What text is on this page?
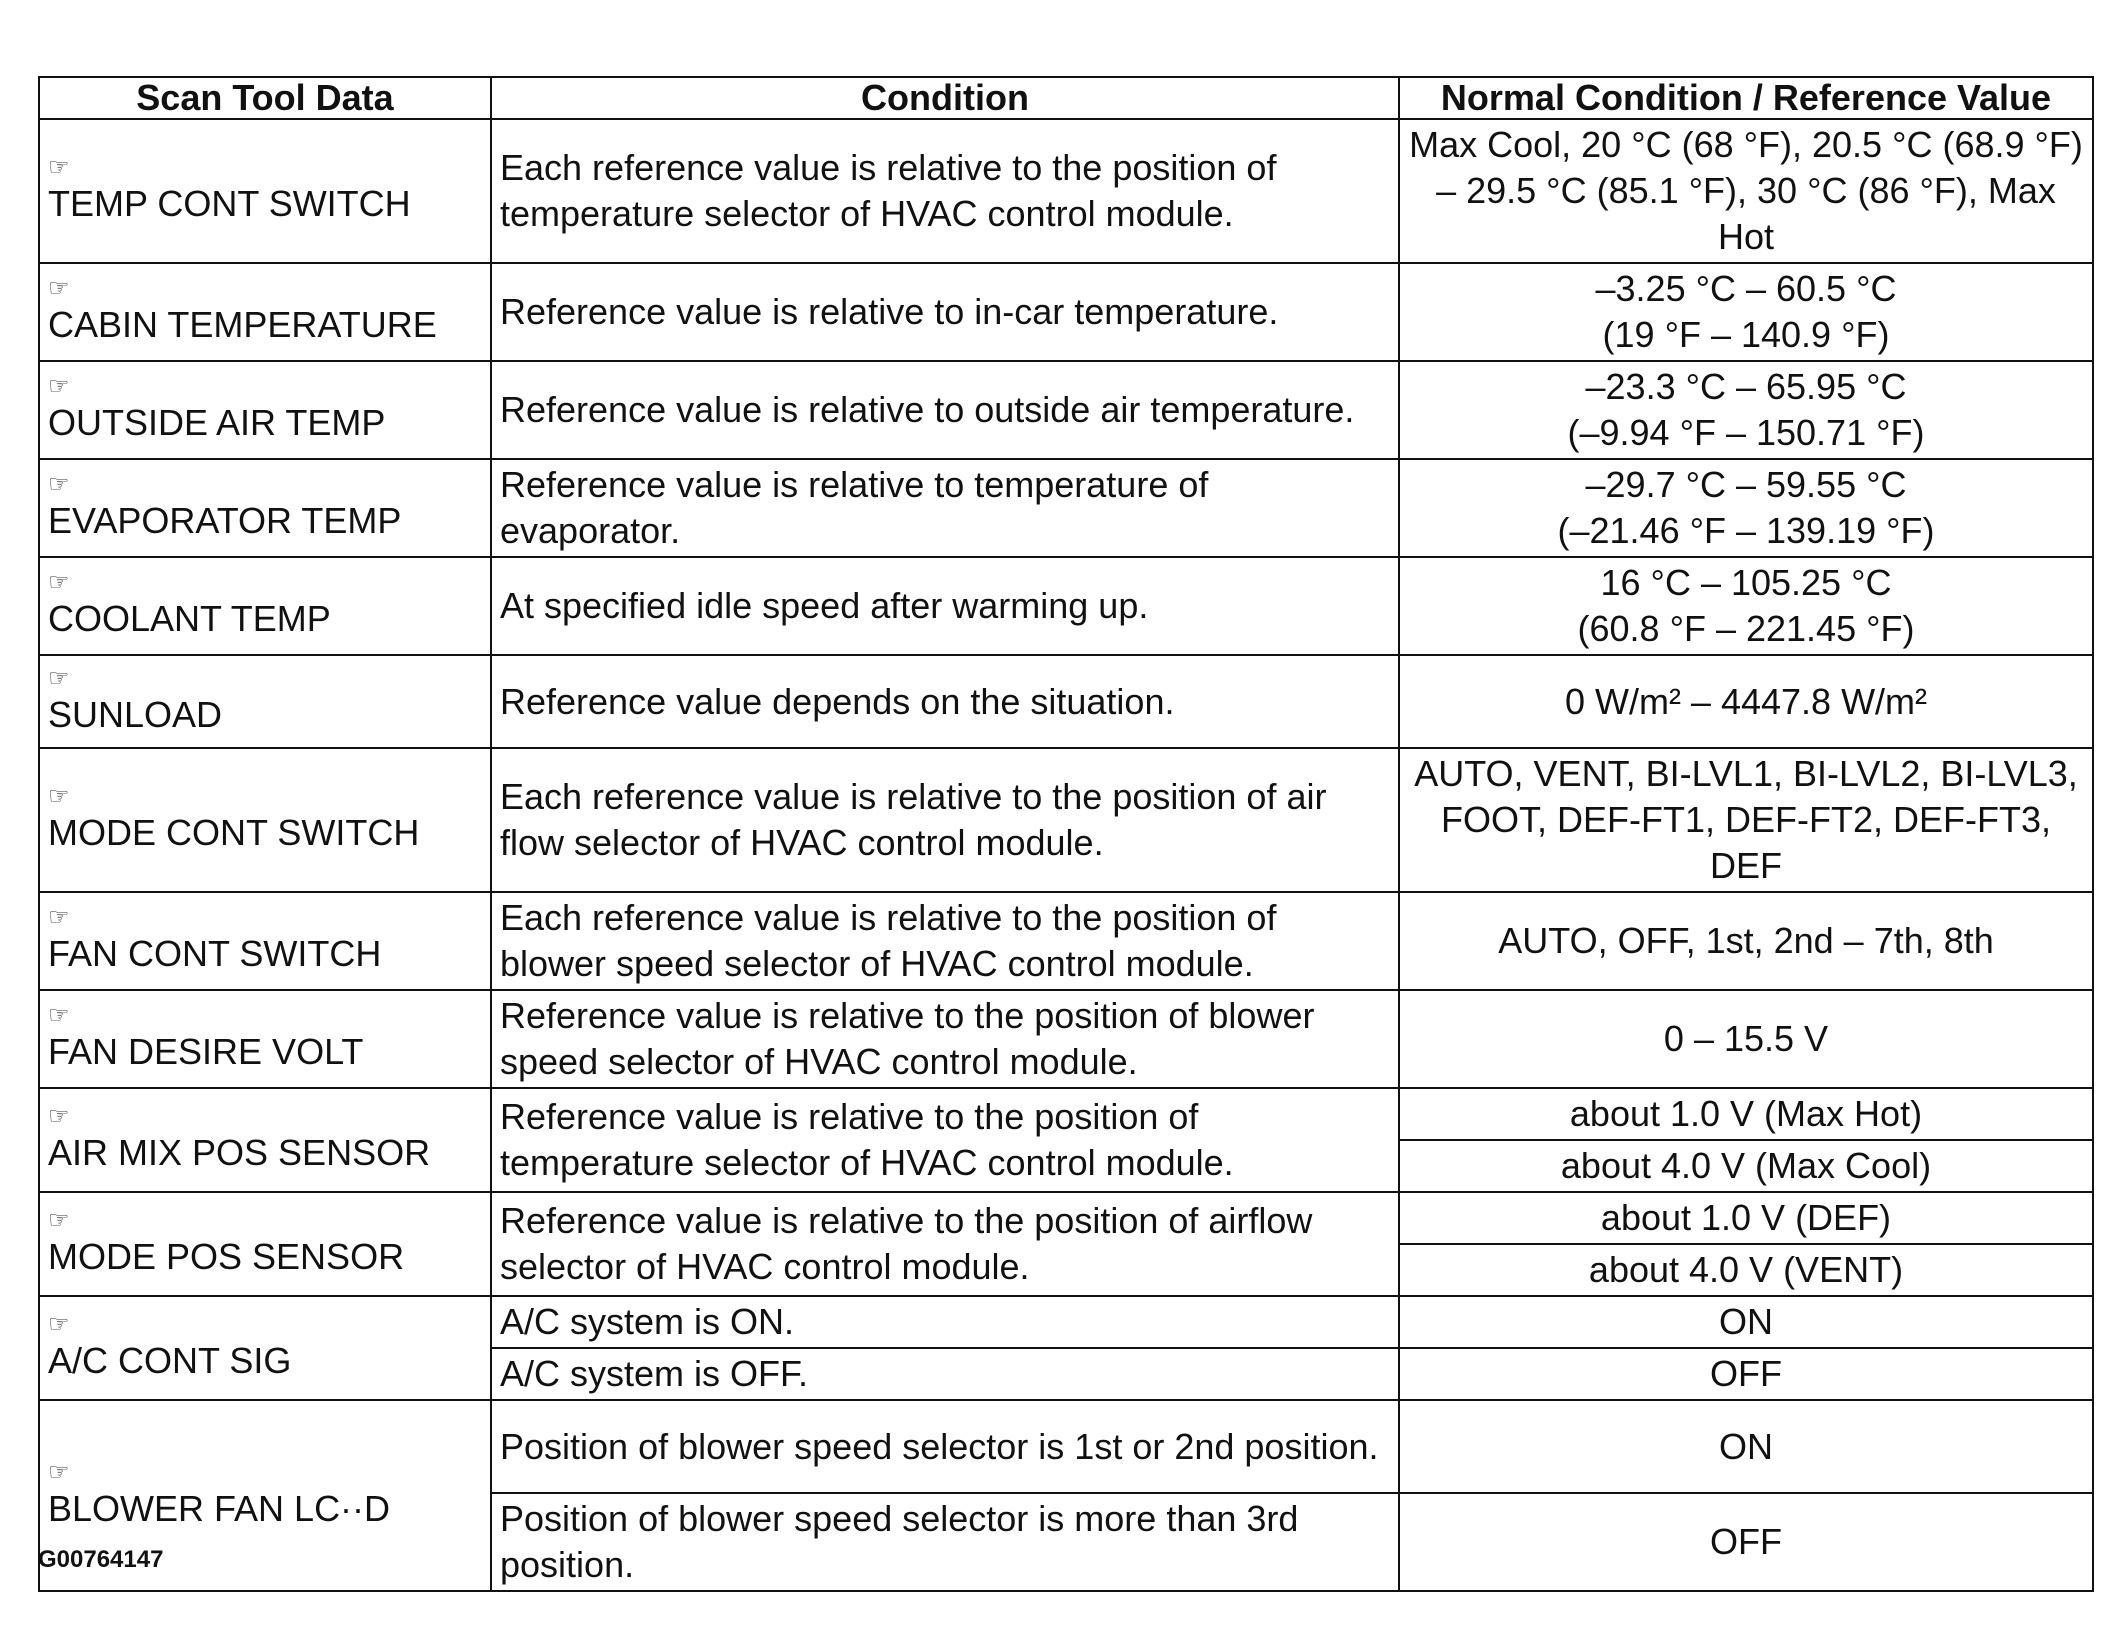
Scan Tool Data	Condition	Normal Condition / Reference Value

☞
TEMP CONT SWITCH	Each reference value is relative to the position of temperature selector of HVAC control module.	Max Cool, 20 °C (68 °F), 20.5 °C (68.9 °F) – 29.5 °C (85.1 °F), 30 °C (86 °F), Max Hot

☞
CABIN TEMPERATURE	Reference value is relative to in-car temperature.	–3.25 °C – 60.5 °C
(19 °F – 140.9 °F)

☞
OUTSIDE AIR TEMP	Reference value is relative to outside air temperature.	–23.3 °C – 65.95 °C
(–9.94 °F – 150.71 °F)

☞
EVAPORATOR TEMP	Reference value is relative to temperature of evaporator.	–29.7 °C – 59.55 °C
(–21.46 °F – 139.19 °F)

☞
COOLANT TEMP	At specified idle speed after warming up.	16 °C – 105.25 °C
(60.8 °F – 221.45 °F)

☞
SUNLOAD	Reference value depends on the situation.	0 W/m² – 4447.8 W/m²

☞
MODE CONT SWITCH	Each reference value is relative to the position of air flow selector of HVAC control module.	AUTO, VENT, BI-LVL1, BI-LVL2, BI-LVL3, FOOT, DEF-FT1, DEF-FT2, DEF-FT3, DEF

☞
FAN CONT SWITCH	Each reference value is relative to the position of blower speed selector of HVAC control module.	AUTO, OFF, 1st, 2nd – 7th, 8th

☞
FAN DESIRE VOLT	Reference value is relative to the position of blower speed selector of HVAC control module.	0 – 15.5 V

☞
AIR MIX POS SENSOR	Reference value is relative to the position of temperature selector of HVAC control module.	about 1.0 V (Max Hot)
		about 4.0 V (Max Cool)

☞
MODE POS SENSOR	Reference value is relative to the position of airflow selector of HVAC control module.	about 1.0 V (DEF)
		about 4.0 V (VENT)

☞
A/C CONT SIG	A/C system is ON.	ON
	A/C system is OFF.	OFF

☞
BLOWER FAN LC··D	Position of blower speed selector is 1st or 2nd position.	ON
	Position of blower speed selector is more than 3rd position.	OFF
G00764147
